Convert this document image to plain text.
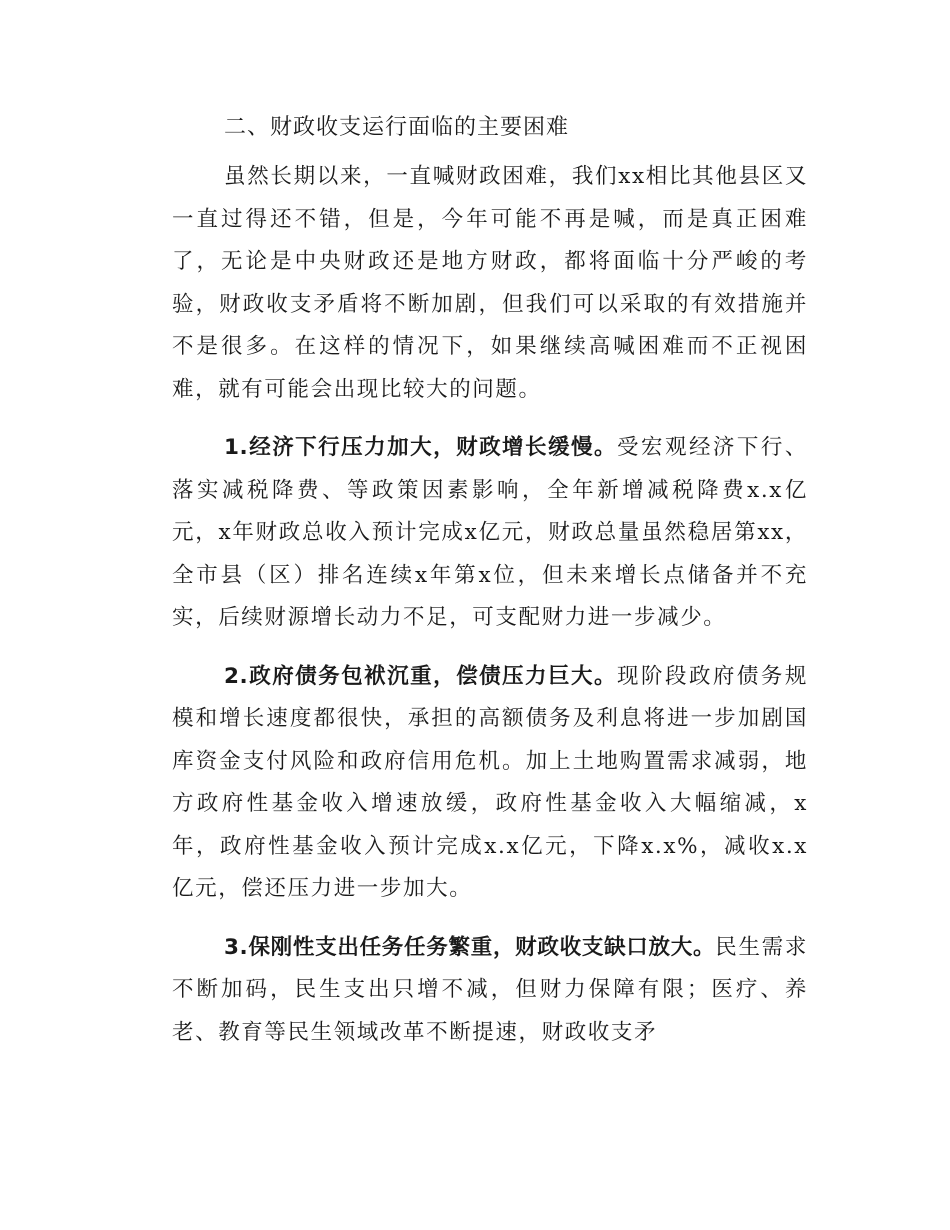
二、财政收支运行面临的主要困难

虽然长期以来，一直喊财政困难，我们xx相比其他县区又一直过得还不错，但是，今年可能不再是喊，而是真正困难了，无论是中央财政还是地方财政，都将面临十分严峻的考验，财政收支矛盾将不断加剧，但我们可以采取的有效措施并不是很多。在这样的情况下，如果继续高喊困难而不正视困难，就有可能会出现比较大的问题。

1.经济下行压力加大，财政增长缓慢。受宏观经济下行、落实减税降费、等政策因素影响，全年新增减税降费x.x亿元，x年财政总收入预计完成x亿元，财政总量虽然稳居第xx，全市县（区）排名连续x年第x位，但未来增长点储备并不充实，后续财源增长动力不足，可支配财力进一步减少。

2.政府债务包袱沉重，偿债压力巨大。现阶段政府债务规模和增长速度都很快，承担的高额债务及利息将进一步加剧国库资金支付风险和政府信用危机。加上土地购置需求减弱，地方政府性基金收入增速放缓，政府性基金收入大幅缩减，x年，政府性基金收入预计完成x.x亿元，下降x.x%，减收x.x亿元，偿还压力进一步加大。

3.保刚性支出任务任务繁重，财政收支缺口放大。民生需求不断加码，民生支出只增不减，但财力保障有限；医疗、养老、教育等民生领域改革不断提速，财政收支矛
